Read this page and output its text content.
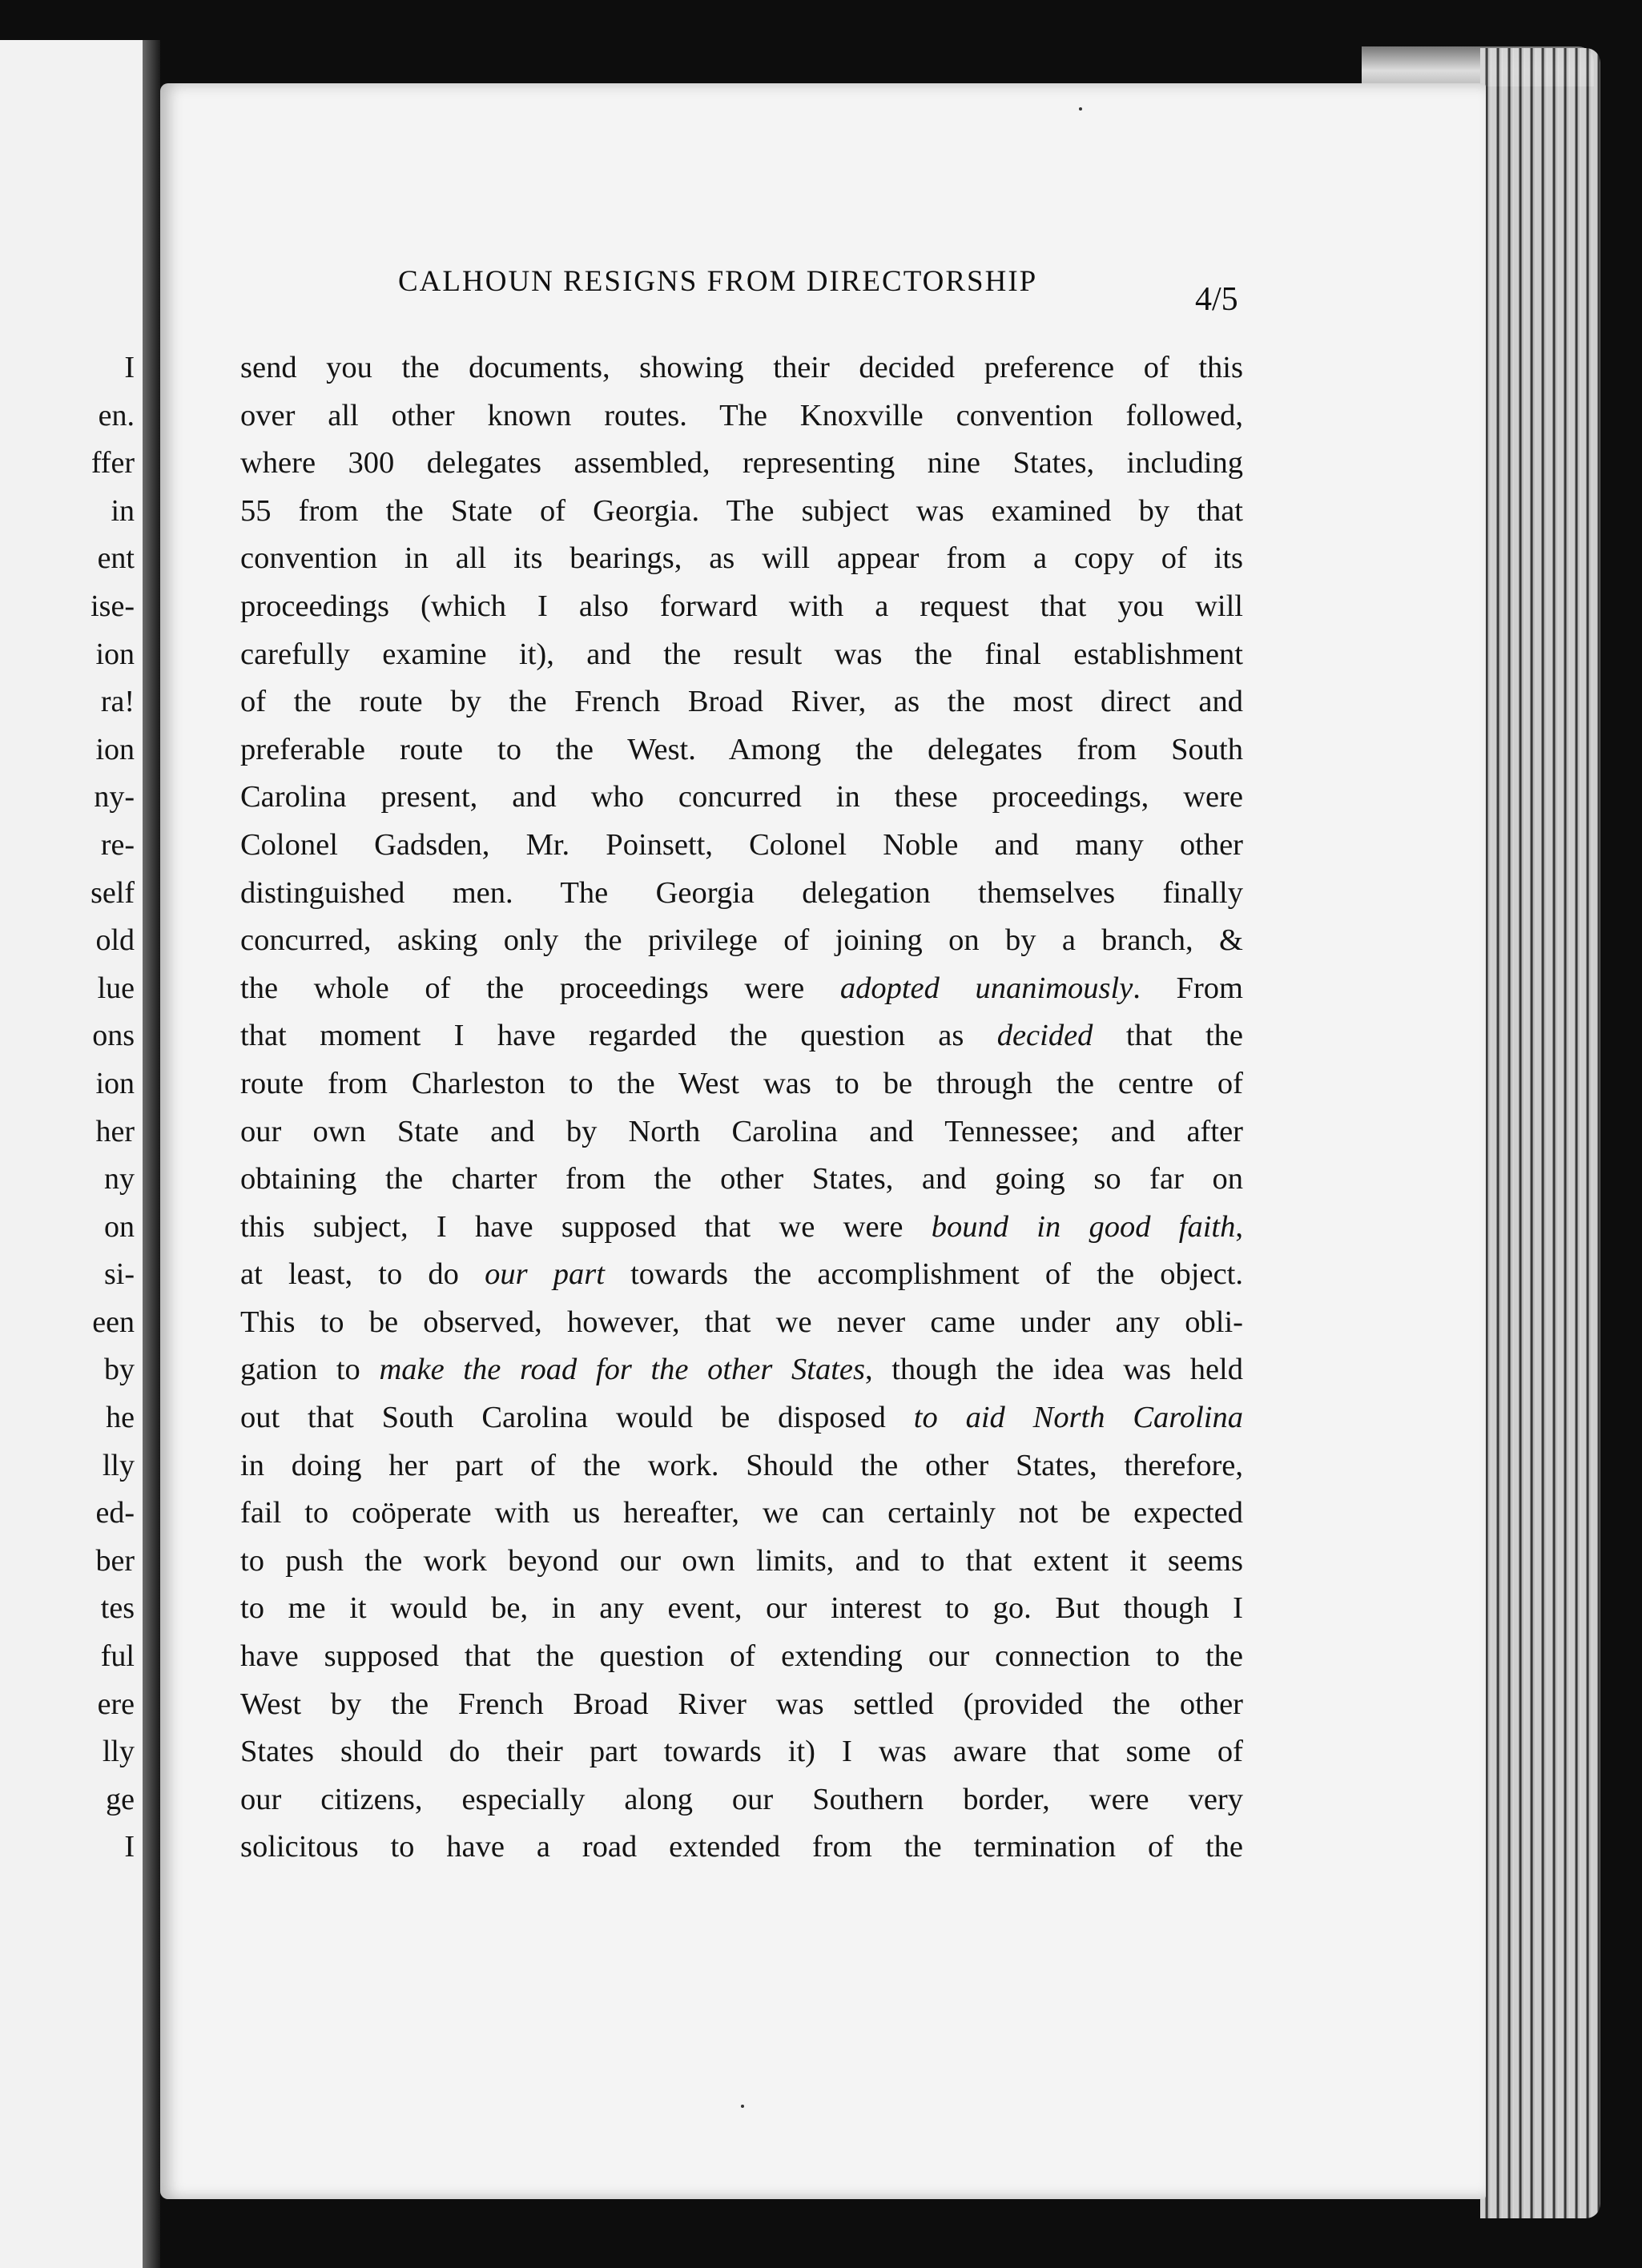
I
en.
ffer
in
ent
ise-
ion
ra!
ion
ny-
re-
self
old
lue
ons
ion
her
ny
on
si-
een
by
he
lly
ed-
ber
tes
ful
ere
lly
ge
I
CALHOUN RESIGNS FROM DIRECTORSHIP	4/5
send you the documents, showing their decided preference of this
over all other known routes. The Knoxville convention followed,
where 300 delegates assembled, representing nine States, including
55 from the State of Georgia. The subject was examined by that
convention in all its bearings, as will appear from a copy of its
proceedings (which I also forward with a request that you will
carefully examine it), and the result was the final establishment
of the route by the French Broad River, as the most direct and
preferable route to the West. Among the delegates from South
Carolina present, and who concurred in these proceedings, were
Colonel Gadsden, Mr. Poinsett, Colonel Noble and many other
distinguished men. The Georgia delegation themselves finally
concurred, asking only the privilege of joining on by a branch, &
the whole of the proceedings were adopted unanimously. From
that moment I have regarded the question as decided that the
route from Charleston to the West was to be through the centre of
our own State and by North Carolina and Tennessee; and after
obtaining the charter from the other States, and going so far on
this subject, I have supposed that we were bound in good faith,
at least, to do our part towards the accomplishment of the object.
This to be observed, however, that we never came under any obli-
gation to make the road for the other States, though the idea was held
out that South Carolina would be disposed to aid North Carolina
in doing her part of the work. Should the other States, therefore,
fail to coöperate with us hereafter, we can certainly not be expected
to push the work beyond our own limits, and to that extent it seems
to me it would be, in any event, our interest to go. But though I
have supposed that the question of extending our connection to the
West by the French Broad River was settled (provided the other
States should do their part towards it) I was aware that some of
our citizens, especially along our Southern border, were very
solicitous to have a road extended from the termination of the
